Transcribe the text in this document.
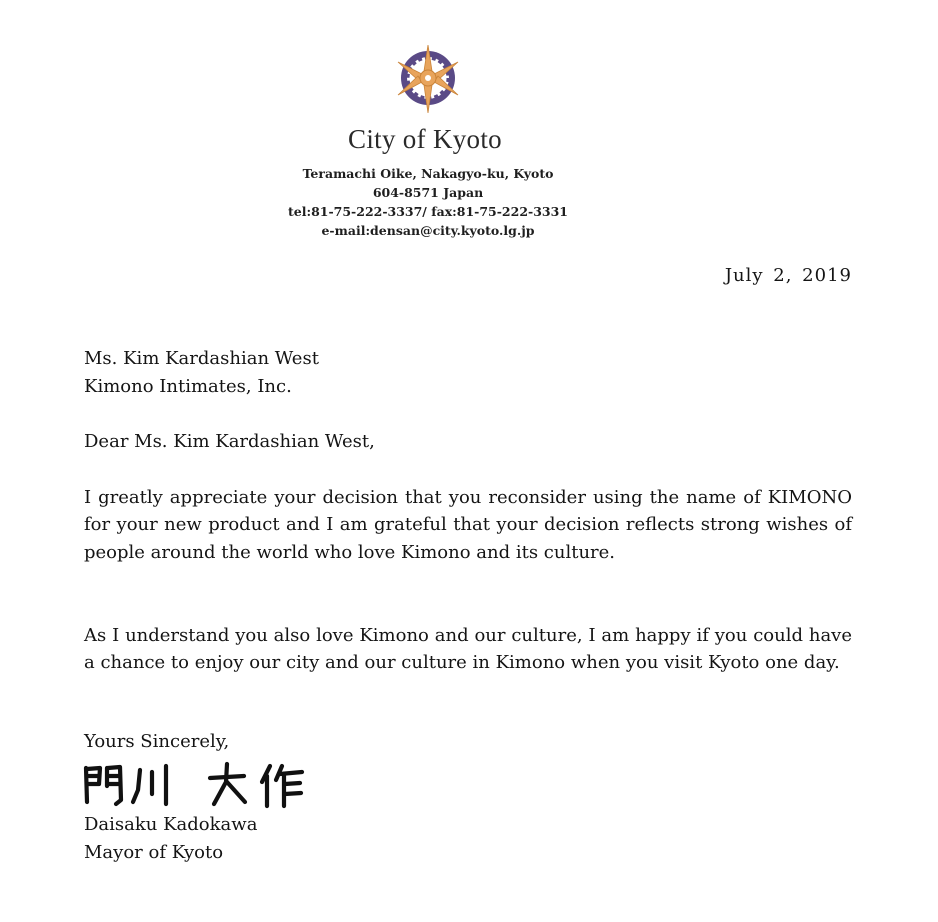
City of Kyoto
Teramachi Oike, Nakagyo-ku, Kyoto
604-8571 Japan
tel:81-75-222-3337/ fax:81-75-222-3331
e-mail:densan@city.kyoto.lg.jp
July 2, 2019
Ms. Kim Kardashian West
Kimono Intimates, Inc.
Dear Ms. Kim Kardashian West,

I greatly appreciate your decision that you reconsider using the name of KIMONO for your new product and I am grateful that your decision reflects strong wishes of people around the world who love Kimono and its culture.

As I understand you also love Kimono and our culture, I am happy if you could have a chance to enjoy our city and our culture in Kimono when you visit Kyoto one day.

Yours Sincerely,
Daisaku Kadokawa
Mayor of Kyoto
